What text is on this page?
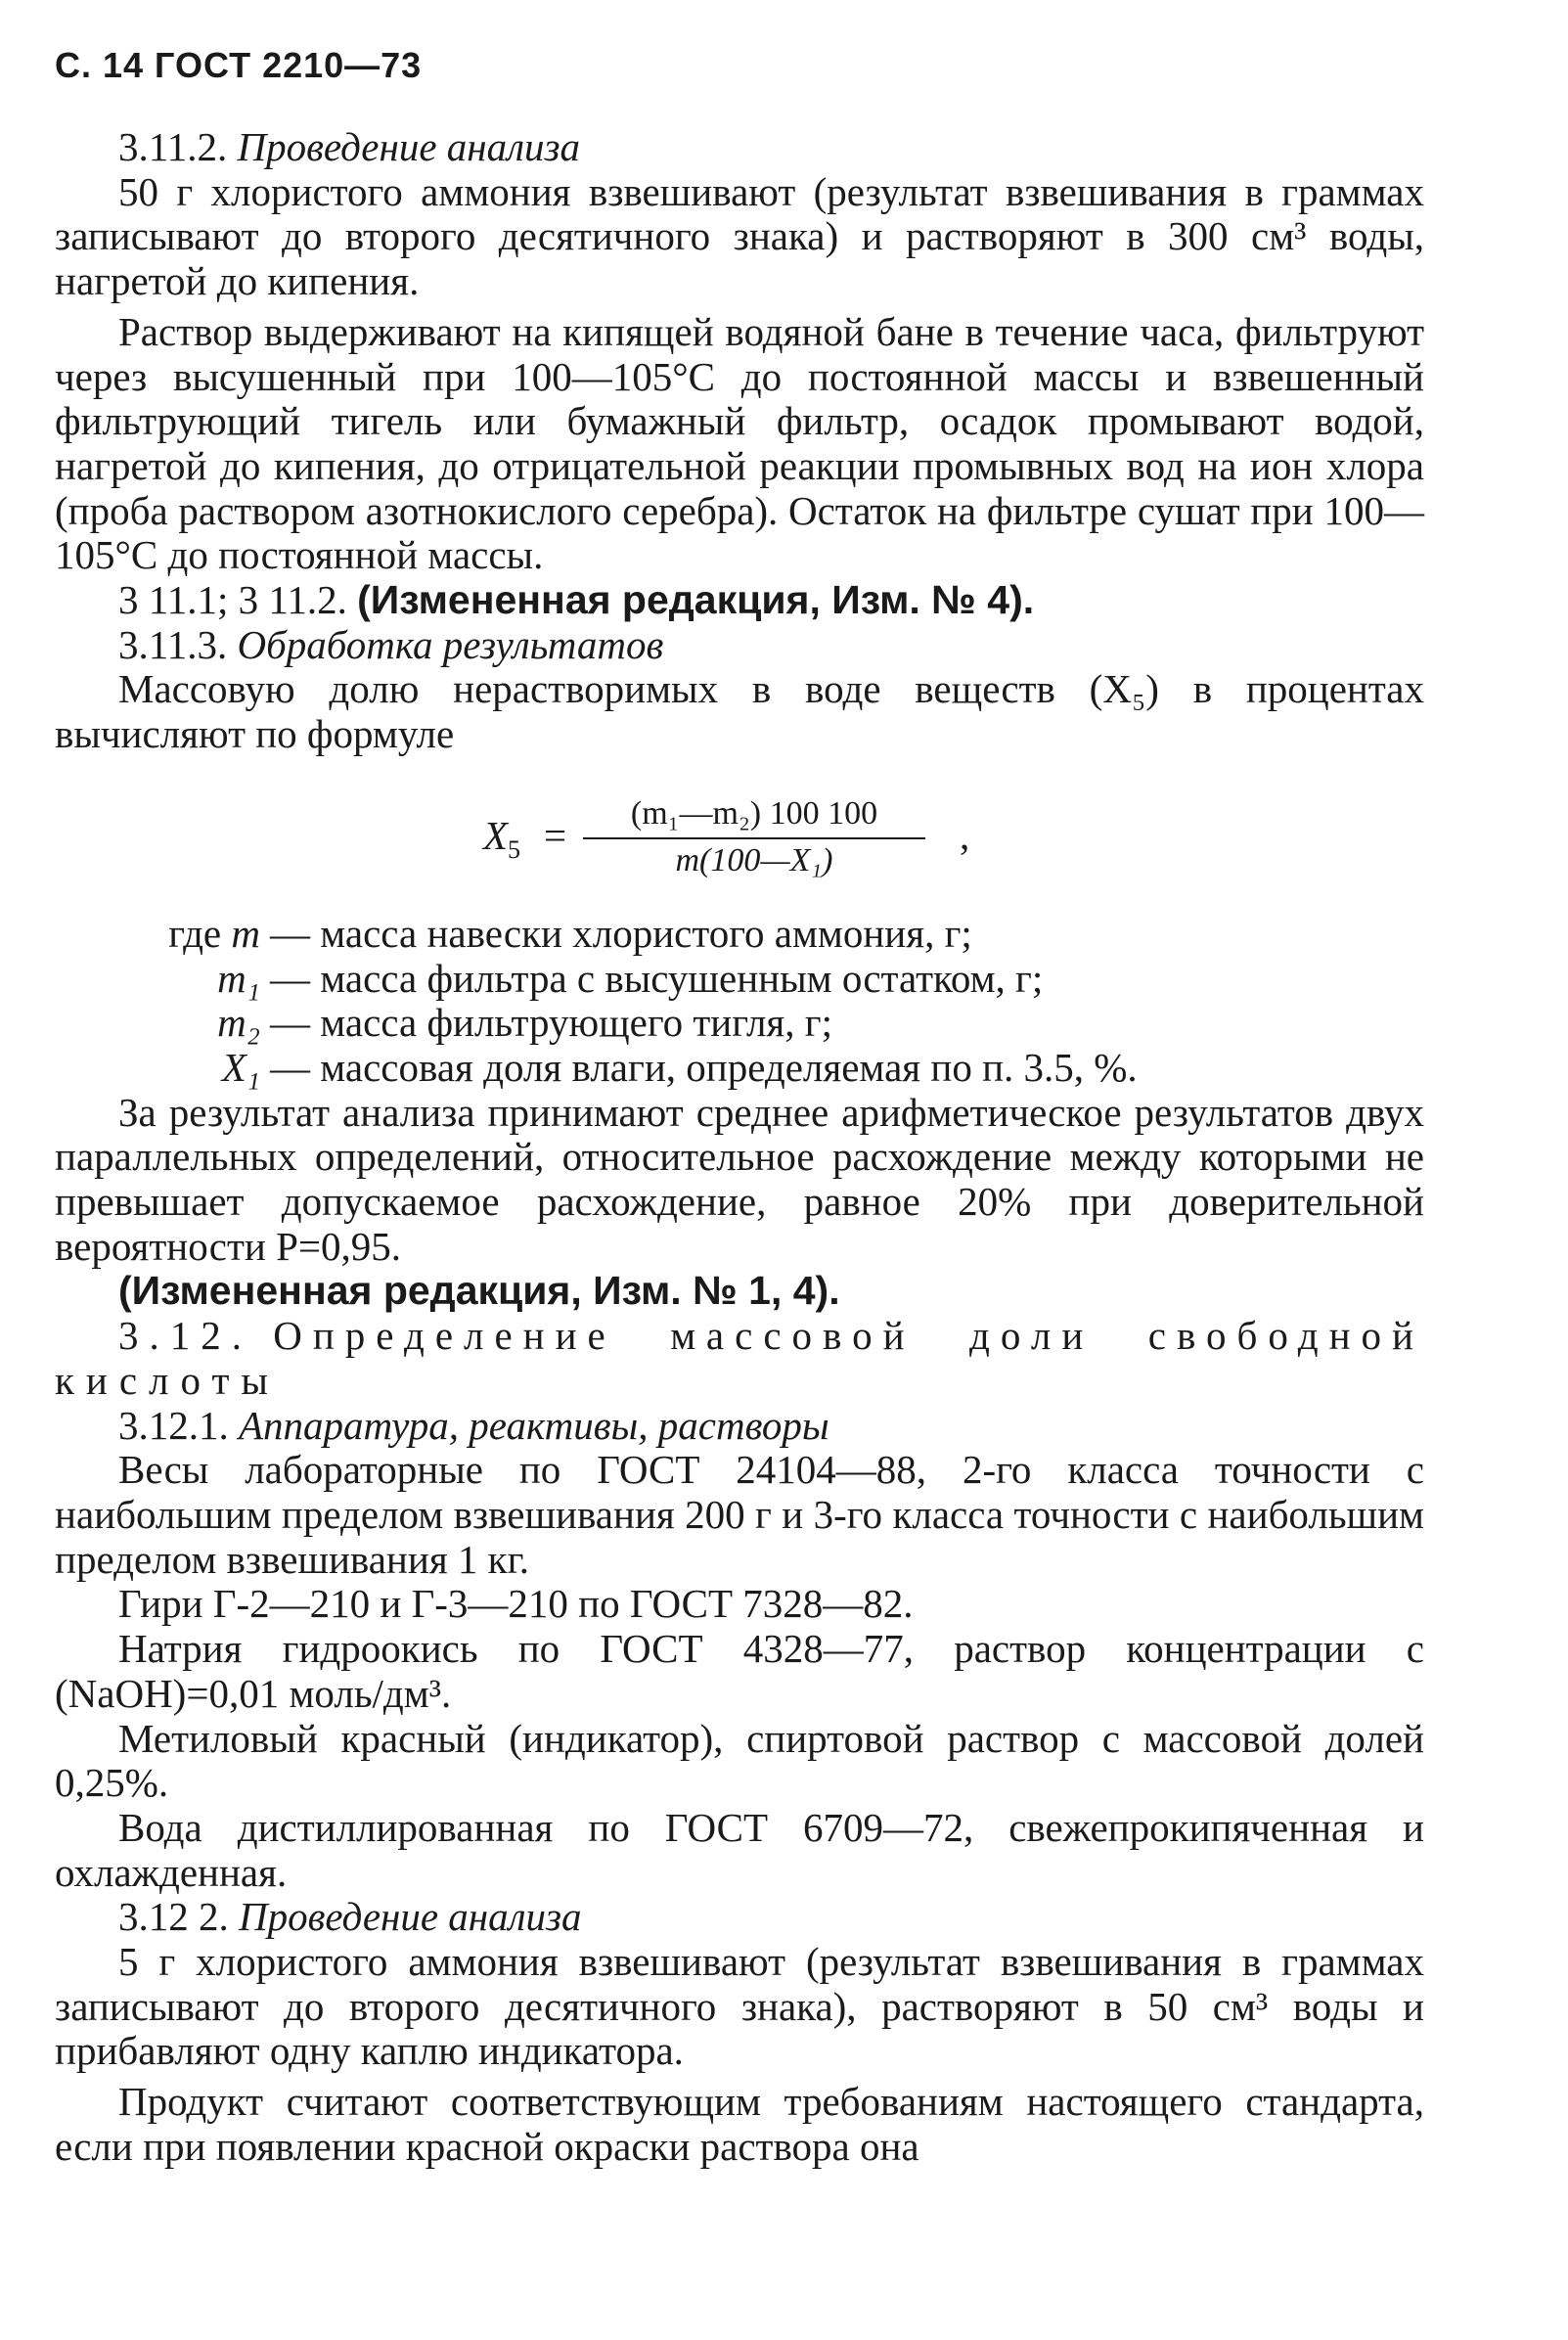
С. 14 ГОСТ 2210—73

3.11.2. Проведение анализа

50 г хлористого аммония взвешивают (результат взвешивания в граммах записывают до второго десятичного знака) и растворяют в 300 см³ воды, нагретой до кипения.

Раствор выдерживают на кипящей водяной бане в течение часа, фильтруют через высушенный при 100—105°С до постоянной массы и взвешенный фильтрующий тигель или бумажный фильтр, осадок промывают водой, нагретой до кипения, до отрицательной реакции промывных вод на ион хлора (проба раствором азотнокислого серебра). Остаток на фильтре сушат при 100—105°С до постоянной массы.

3 11.1; 3 11.2. (Измененная редакция, Изм. № 4).

3.11.3. Обработка результатов

Массовую долю нерастворимых в воде веществ (X₅) в процентах вычисляют по формуле

$X_5 = \frac{\text{(m₁—m₂) 100 100}}{\text{m(100—X₁)}}$ ,
где m — масса навески хлористого аммония, г;
m₁ — масса фильтра с высушенным остатком, г;
m₂ — масса фильтрующего тигля, г;
X₁ — массовая доля влаги, определяемая по п. 3.5, %.

За результат анализа принимают среднее арифметическое результатов двух параллельных определений, относительное расхождение между которыми не превышает допускаемое расхождение, равное 20% при доверительной вероятности Р=0,95.

(Измененная редакция, Изм. № 1, 4).

3.12. Определение массовой доли свободной

кислоты

3.12.1. Аппаратура, реактивы, растворы

Весы лабораторные по ГОСТ 24104—88, 2-го класса точности с наибольшим пределом взвешивания 200 г и 3-го класса точности с наибольшим пределом взвешивания 1 кг.

Гири Г-2—210 и Г-3—210 по ГОСТ 7328—82.

Натрия гидроокись по ГОСТ 4328—77, раствор концентрации с (NaOH)=0,01 моль/дм³.

Метиловый красный (индикатор), спиртовой раствор с массовой долей 0,25%.

Вода дистиллированная по ГОСТ 6709—72, свежепрокипяченная и охлажденная.

3.12 2. Проведение анализа

5 г хлористого аммония взвешивают (результат взвешивания в граммах записывают до второго десятичного знака), растворяют в 50 см³ воды и прибавляют одну каплю индикатора.

Продукт считают соответствующим требованиям настоящего стандарта, если при появлении красной окраски раствора она
